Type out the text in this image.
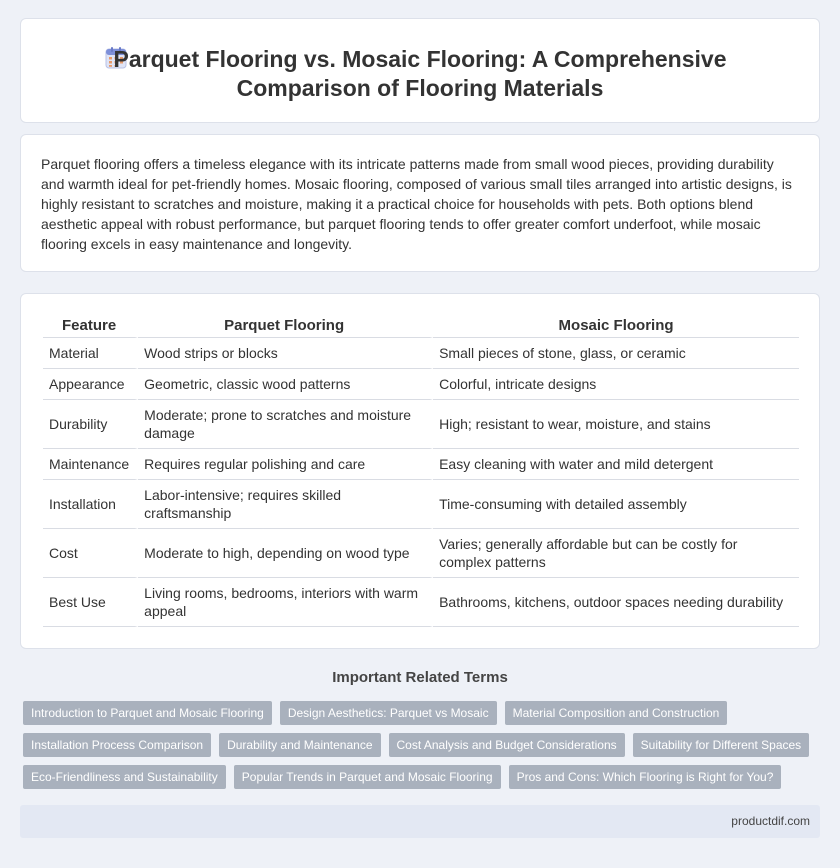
Parquet Flooring vs. Mosaic Flooring: A Comprehensive
Comparison of Flooring Materials

Parquet flooring offers a timeless elegance with its intricate patterns made from small wood pieces, providing durability and warmth ideal for pet-friendly homes. Mosaic flooring, composed of various small tiles arranged into artistic designs, is highly resistant to scratches and moisture, making it a practical choice for households with pets. Both options blend aesthetic appeal with robust performance, but parquet flooring tends to offer greater comfort underfoot, while mosaic flooring excels in easy maintenance and longevity.

Feature	Parquet Flooring	Mosaic Flooring
Material	Wood strips or blocks	Small pieces of stone, glass, or ceramic
Appearance	Geometric, classic wood patterns	Colorful, intricate designs
Durability	Moderate; prone to scratches and moisture damage	High; resistant to wear, moisture, and stains
Maintenance	Requires regular polishing and care	Easy cleaning with water and mild detergent
Installation	Labor-intensive; requires skilled craftsmanship	Time-consuming with detailed assembly
Cost	Moderate to high, depending on wood type	Varies; generally affordable but can be costly for complex patterns
Best Use	Living rooms, bedrooms, interiors with warm appeal	Bathrooms, kitchens, outdoor spaces needing durability
Important Related Terms
Introduction to Parquet and Mosaic Flooring	Design Aesthetics: Parquet vs Mosaic	Material Composition and Construction
Installation Process Comparison	Durability and Maintenance	Cost Analysis and Budget Considerations	Suitability for Different Spaces
Eco-Friendliness and Sustainability	Popular Trends in Parquet and Mosaic Flooring	Pros and Cons: Which Flooring is Right for You?
productdif.com
